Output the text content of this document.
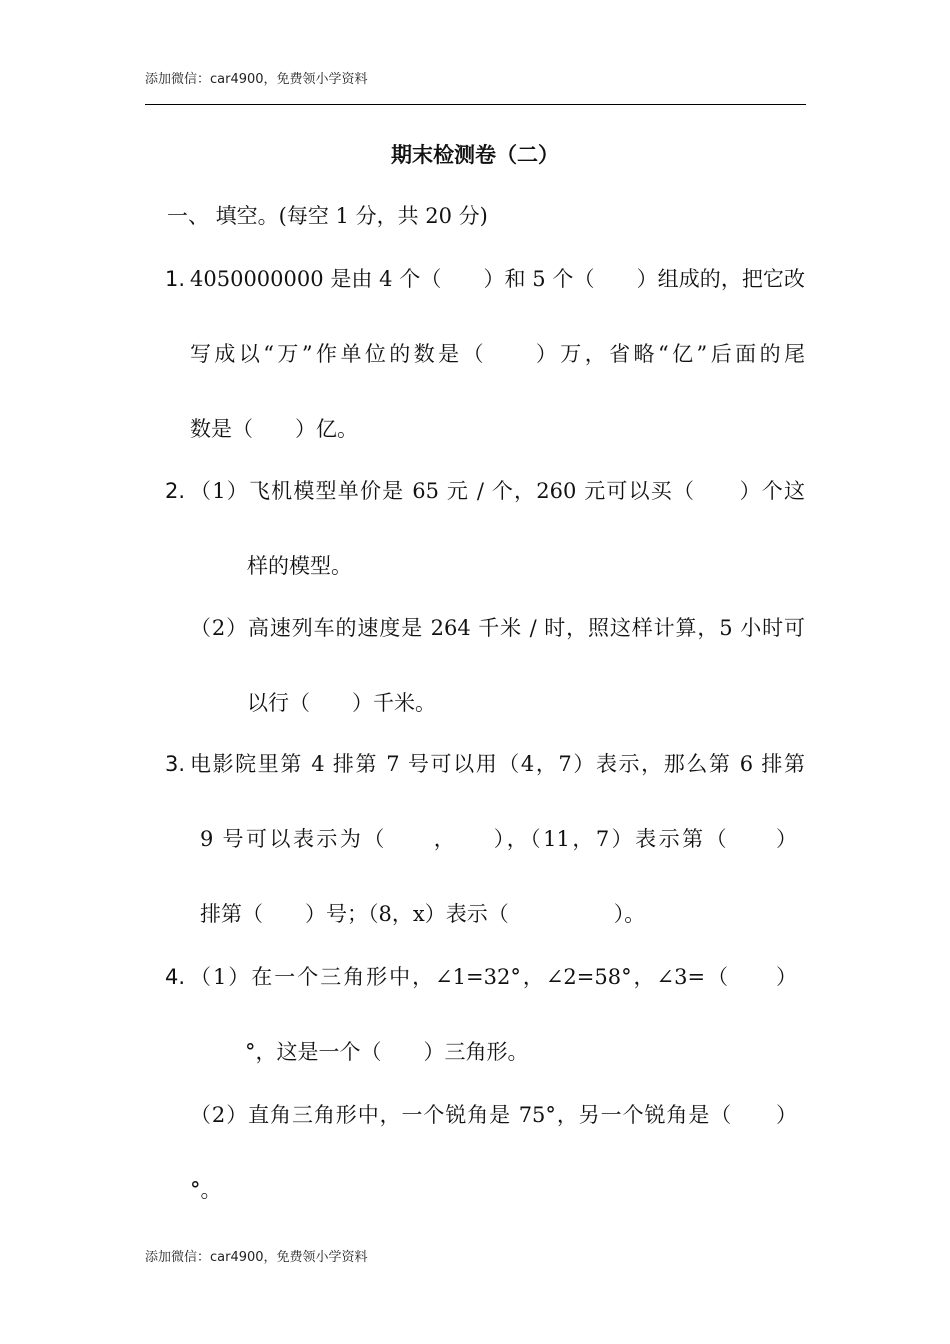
添加微信：car4900，免费领小学资料
期末检测卷（二）
一、 填空。(每空 1 分，共 20 分)
1. 4050000000 是由 4 个（　　）和 5 个（　　）组成的，把它改
写成以“万”作单位的数是（　　）万，省略“亿”后面的尾
数是（　　）亿。
2. （1）飞机模型单价是 65 元 / 个，260 元可以买（　　）个这
样的模型。
（2）高速列车的速度是 264 千米 / 时，照这样计算，5 小时可
以行（　　）千米。
3. 电影院里第 4 排第 7 号可以用（4，7）表示，那么第 6 排第
9 号可以表示为（　　，　　），（11，7）表示第（　　）
排第（　　）号；（8，x）表示（　　　　　）。
4. （1）在一个三角形中，∠1=32°，∠2=58°，∠3=（　　）
°，这是一个（　　）三角形。
（2）直角三角形中，一个锐角是 75°，另一个锐角是（　　）
°。
添加微信：car4900，免费领小学资料
